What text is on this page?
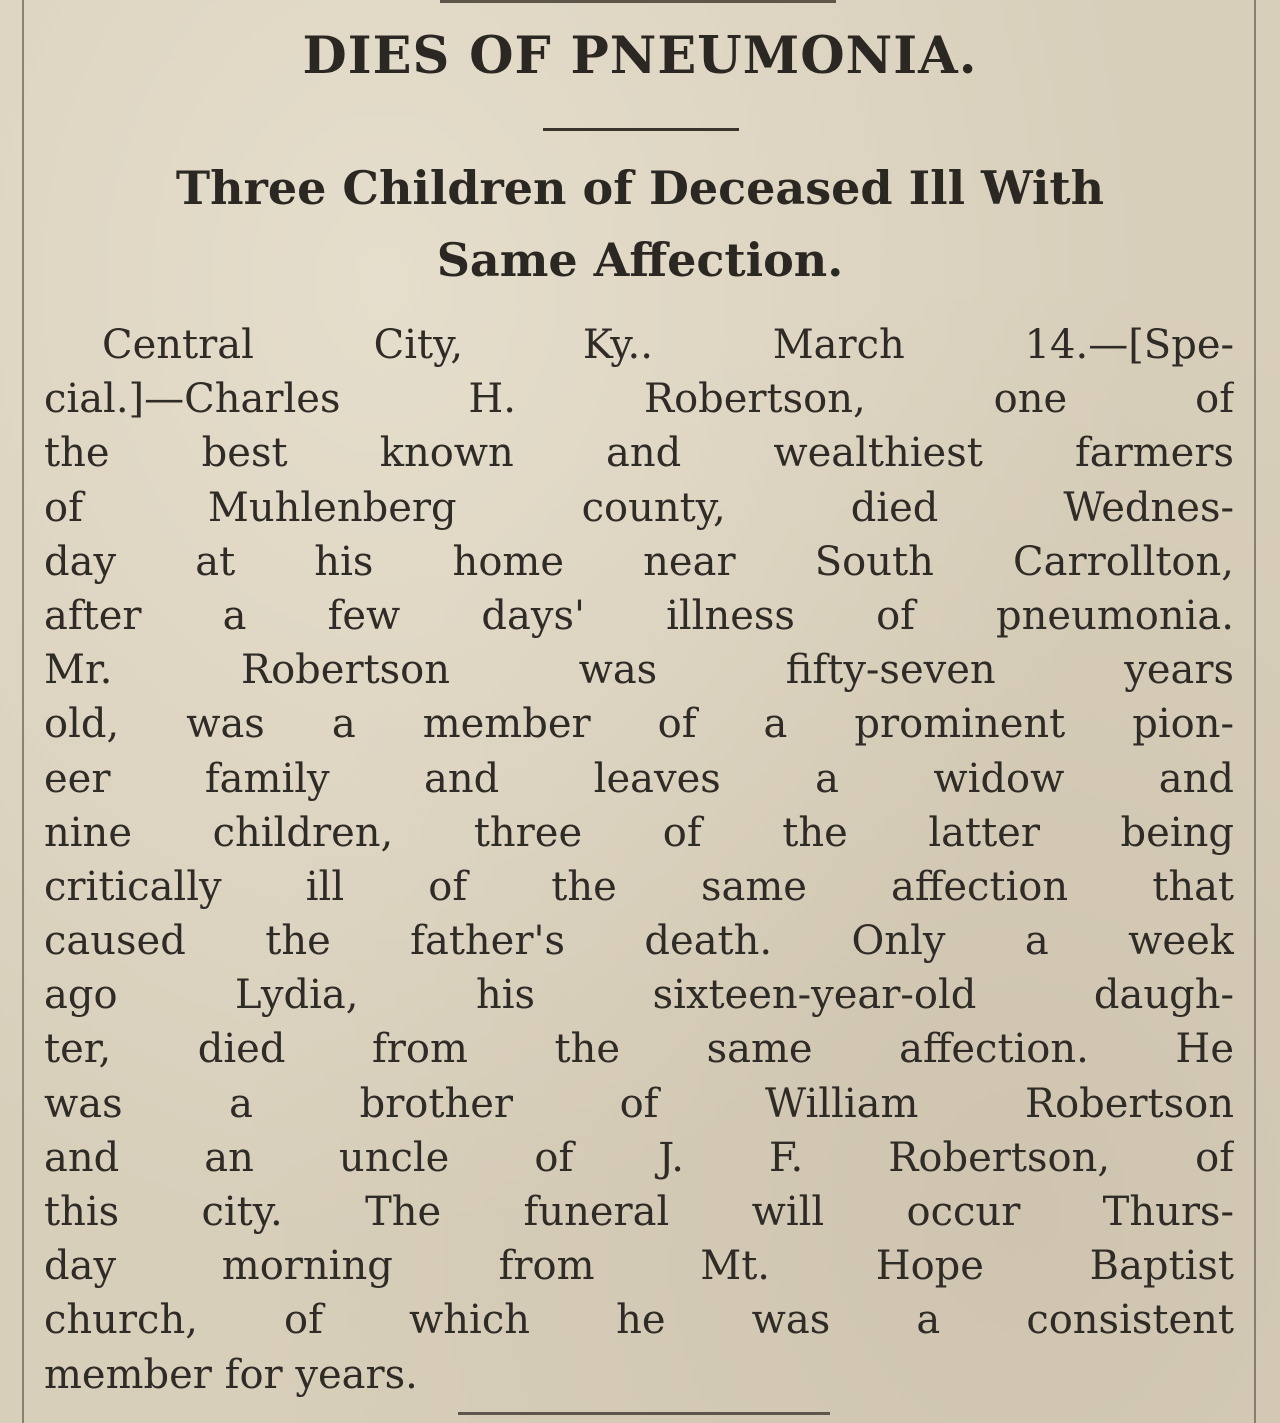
DIES OF PNEUMONIA.
Three Children of Deceased Ill With
Same Affection.
Central City, Ky.. March 14.—[Spe-
cial.]—Charles H. Robertson, one of
the best known and wealthiest farmers
of Muhlenberg county, died Wednes-
day at his home near South Carrollton,
after a few days' illness of pneumonia.
Mr. Robertson was fifty-seven years
old, was a member of a prominent pion-
eer family and leaves a widow and
nine children, three of the latter being
critically ill of the same affection that
caused the father's death. Only a week
ago Lydia, his sixteen-year-old daugh-
ter, died from the same affection. He
was a brother of William Robertson
and an uncle of J. F. Robertson, of
this city. The funeral will occur Thurs-
day morning from Mt. Hope Baptist
church, of which he was a consistent
member for years.
